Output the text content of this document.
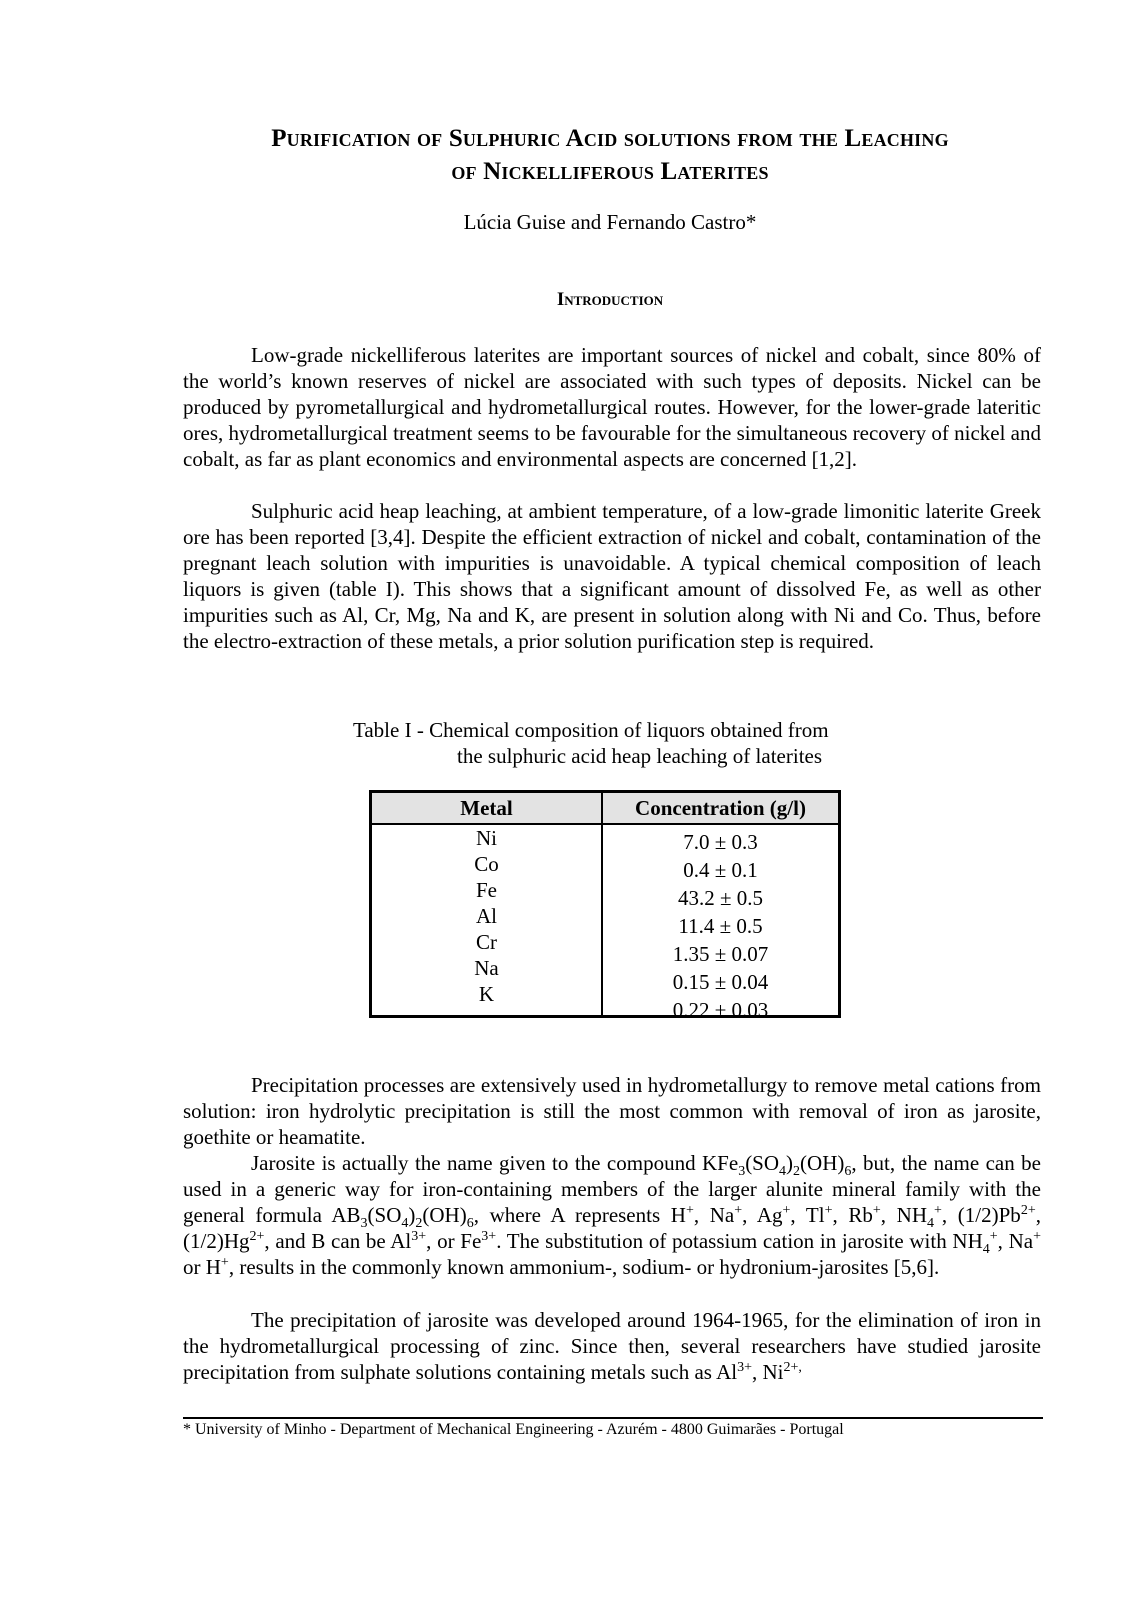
Purification of Sulphuric Acid solutions from the Leaching
of Nickelliferous Laterites
Lúcia Guise and Fernando Castro*
Introduction

Low-grade nickelliferous laterites are important sources of nickel and cobalt, since 80% of the world’s known reserves of nickel are associated with such types of deposits. Nickel can be produced by pyrometallurgical and hydrometallurgical routes. However, for the lower-grade lateritic ores, hydrometallurgical treatment seems to be favourable for the simultaneous recovery of nickel and cobalt, as far as plant economics and environmental aspects are concerned [1,2].

Sulphuric acid heap leaching, at ambient temperature, of a low-grade limonitic laterite Greek ore has been reported [3,4]. Despite the efficient extraction of nickel and cobalt, contamination of the pregnant leach solution with impurities is unavoidable. A typical chemical composition of leach liquors is given (table I). This shows that a significant amount of dissolved Fe, as well as other impurities such as Al, Cr, Mg, Na and K, are present in solution along with Ni and Co. Thus, before the electro-extraction of these metals, a prior solution purification step is required.

Table I - Chemical composition of liquors obtained from
the sulphuric acid heap leaching of laterites
Metal	Concentration (g/l)
Ni
Co
Fe
Al
Cr
Na
K
7.0 ± 0.3
0.4 ± 0.1
43.2 ± 0.5
11.4 ± 0.5
1.35 ± 0.07
0.15 ± 0.04
0.22 ± 0.03

Precipitation processes are extensively used in hydrometallurgy to remove metal cations from solution: iron hydrolytic precipitation is still the most common with removal of iron as jarosite, goethite or heamatite.

Jarosite is actually the name given to the compound $KFe_3(SO_4)_2(OH)_6$, but, the name can be used in a generic way for iron-containing members of the larger alunite mineral family with the general formula $AB_3(SO_4)_2(OH)_6$, where A represents H+, Na+, Ag+, Tl+, Rb+, $NH_4^+$, $(1/2)Pb^{2+}$, $(1/2)Hg^{2+}$, and B can be $Al^{3+}$, or $Fe^{3+}$. The substitution of potassium cation in jarosite with $NH_4^+$, Na+ or H+, results in the commonly known ammonium-, sodium- or hydronium-jarosites [5,6].

The precipitation of jarosite was developed around 1964-1965, for the elimination of iron in the hydrometallurgical processing of zinc. Since then, several researchers have studied jarosite precipitation from sulphate solutions containing metals such as $Al^{3+}$, $Ni^{2+,}$

* University of Minho - Department of Mechanical Engineering - Azurém - 4800 Guimarães - Portugal
